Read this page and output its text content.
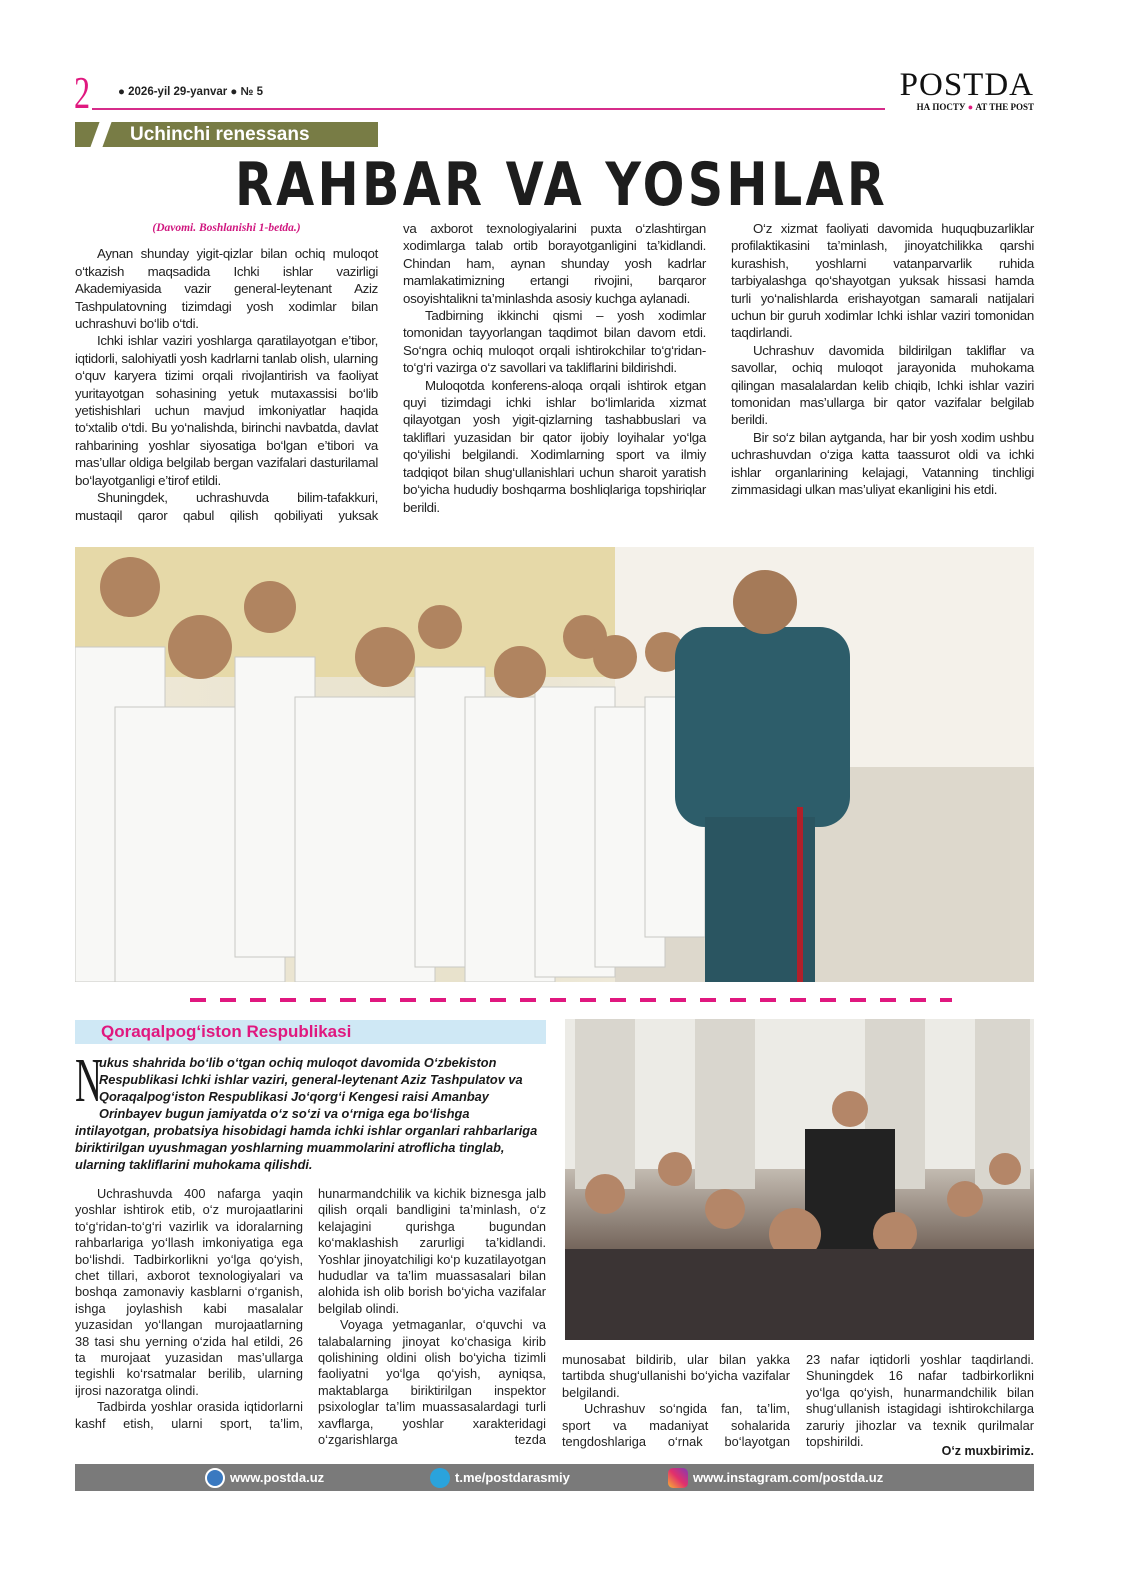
2 ● 2026-yil 29-yanvar ● № 5	POSTDA
НА ПОСТУ ● AT THE POST
Uchinchi renessans
RAHBAR VA YOSHLAR

(Davomi. Boshlanishi 1-betda.)

Aynan shunday yigit-qizlar bilan ochiq muloqot o‘tkazish maqsadida Ichki ishlar vazirligi Akademiyasida vazir general-leytenant Aziz Tashpulatovning tizimdagi yosh xodimlar bilan uchrashuvi bo‘lib o‘tdi.

Ichki ishlar vaziri yoshlarga qaratilayotgan e’tibor, iqtidorli, salohiyatli yosh kadrlarni tanlab olish, ularning o‘quv karyera tizimi orqali rivojlantirish va faoliyat yuritayotgan sohasining yetuk mutaxassisi bo‘lib yetishishlari uchun mavjud imkoniyatlar haqida to‘xtalib o‘tdi. Bu yo‘nalishda, birinchi navbatda, davlat rahbarining yoshlar siyosatiga bo‘lgan e’tibori va mas’ullar oldiga belgilab bergan vazifalari dasturilamal bo‘layotganligi e’tirof etildi.

Shuningdek, uchrashuvda bilim-tafakkuri, mustaqil qaror qabul qilish qobiliyati yuksak

va axborot texnologiyalarini puxta o‘zlashtirgan xodimlarga talab ortib borayotganligini ta’kidlandi. Chindan ham, aynan shunday yosh kadrlar mamlakatimizning ertangi rivojini, barqaror osoyishtalikni ta’minlashda asosiy kuchga aylanadi.

Tadbirning ikkinchi qismi – yosh xodimlar tomonidan tayyorlangan taqdimot bilan davom etdi. So‘ngra ochiq muloqot orqali ishtirokchilar to‘g‘ridan-to‘g‘ri vazirga o‘z savollari va takliflarini bildirishdi.

Muloqotda konferens-aloqa orqali ishtirok etgan quyi tizimdagi ichki ishlar bo‘limlarida xizmat qilayotgan yosh yigit-qizlarning tashabbuslari va takliflari yuzasidan bir qator ijobiy loyihalar yo‘lga qo‘yilishi belgilandi. Xodimlarning sport va ilmiy tadqiqot bilan shug‘ullanishlari uchun sharoit yaratish bo‘yicha hududiy boshqarma boshliqlariga topshiriqlar berildi.

O‘z xizmat faoliyati davomida huquqbuzarliklar profilaktikasini ta’minlash, jinoyatchilikka qarshi kurashish, yoshlarni vatanparvarlik ruhida tarbiyalashga qo‘shayotgan yuksak hissasi hamda turli yo‘nalishlarda erishayotgan samarali natijalari uchun bir guruh xodimlar Ichki ishlar vaziri tomonidan taqdirlandi.

Uchrashuv davomida bildirilgan takliflar va savollar, ochiq muloqot jarayonida muhokama qilingan masalalardan kelib chiqib, Ichki ishlar vaziri tomonidan mas’ullarga bir qator vazifalar belgilab berildi.

Bir so‘z bilan aytganda, har bir yosh xodim ushbu uchrashuvdan o‘ziga katta taassurot oldi va ichki ishlar organlarining kelajagi, Vatanning tinchligi zimmasidagi ulkan mas’uliyat ekanligini his etdi.

Qoraqalpog‘iston Respublikasi
N
ukus shahrida bo‘lib o‘tgan ochiq muloqot davomida O‘zbekiston Respublikasi Ichki ishlar vaziri, general-leytenant Aziz Tashpulatov va Qoraqalpog‘iston Respublikasi Jo‘qorg‘i Kengesi raisi Amanbay Orinbayev bugun jamiyatda o‘z so‘zi va o‘rniga ega bo‘lishga intilayotgan, probatsiya hisobidagi hamda ichki ishlar organlari rahbarlariga biriktirilgan uyushmagan yoshlarning muammolarini atroflicha tinglab, ularning takliflarini muhokama qilishdi.

Uchrashuvda 400 nafarga yaqin yoshlar ishtirok etib, o‘z murojaatlarini to‘g‘ridan-to‘g‘ri vazirlik va idoralarning rahbarlariga yo‘llash imkoniyatiga ega bo‘lishdi. Tadbirkorlikni yo‘lga qo‘yish, chet tillari, axborot texnologiyalari va boshqa zamonaviy kasblarni o‘rganish, ishga joylashish kabi masalalar yuzasidan yo‘llangan murojaatlarning 38 tasi shu yerning o‘zida hal etildi, 26 ta murojaat yuzasidan mas’ullarga tegishli ko‘rsatmalar berilib, ularning ijrosi nazoratga olindi.

Tadbirda yoshlar orasida iqtidorlarni kashf etish, ularni sport, ta’lim,

hunarmandchilik va kichik biznesga jalb qilish orqali bandligini ta’minlash, o‘z kelajagini qurishga bugundan ko‘maklashish zarurligi ta’kidlandi. Yoshlar jinoyatchiligi ko‘p kuzatilayotgan hududlar va ta’lim muassasalari bilan alohida ish olib borish bo‘yicha vazifalar belgilab olindi.

Voyaga yetmaganlar, o‘quvchi va talabalarning jinoyat ko‘chasiga kirib qolishining oldini olish bo‘yicha tizimli faoliyatni yo‘lga qo‘yish, ayniqsa, maktablarga biriktirilgan inspektor psixologlar ta’lim muassasalardagi turli xavflarga, yoshlar xarakteridagi o‘zgarishlarga tezda

munosabat bildirib, ular bilan yakka tartibda shug‘ullanishi bo‘yicha vazifalar belgilandi.

Uchrashuv so‘ngida fan, ta’lim, sport va madaniyat sohalarida tengdoshlariga o‘rnak bo‘layotgan

23 nafar iqtidorli yoshlar taqdirlandi. Shuningdek 16 nafar tadbirkorlikni yo‘lga qo‘yish, hunarmandchilik bilan shug‘ullanish istagidagi ishtirokchilarga zaruriy jihozlar va texnik qurilmalar topshirildi.

O‘z muxbirimiz.
www.postda.uz	t.me/postdarasmiy	www.instagram.com/postda.uz
